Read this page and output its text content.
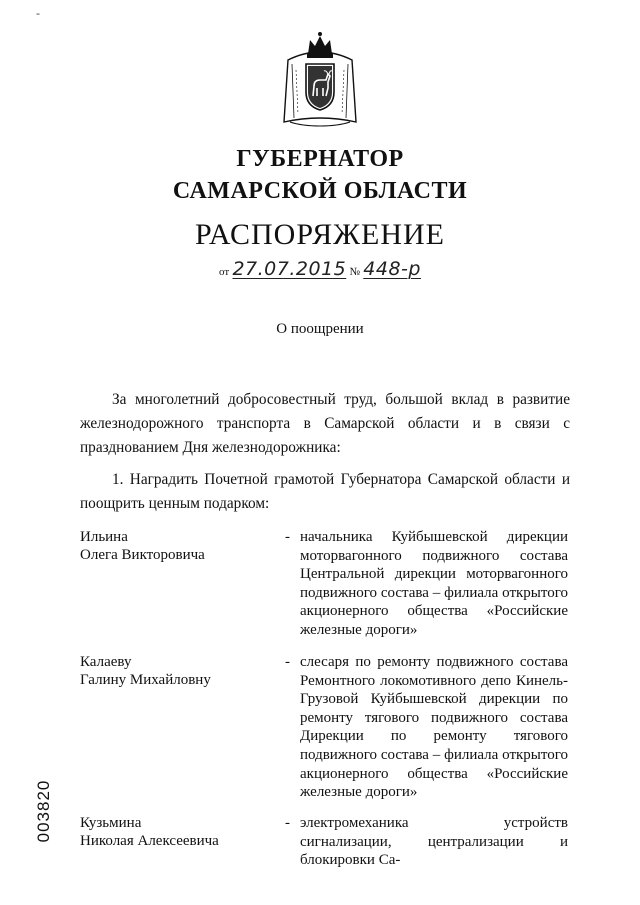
-
ГУБЕРНАТОР
САМАРСКОЙ ОБЛАСТИ
РАСПОРЯЖЕНИЕ
от 27.07.2015 № 448-р
О поощрении
За многолетний добросовестный труд, большой вклад в развитие железнодорожного транспорта в Самарской области и в связи с празднованием Дня железнодорожника:
1. Наградить Почетной грамотой Губернатора Самарской области и поощрить ценным подарком:
Ильина
Олега Викторовича
- начальника Куйбышевской дирекции моторвагонного подвижного состава Центральной дирекции моторвагонного подвижного состава – филиала открытого акционерного общества «Российские железные дороги»
Калаеву
Галину Михайловну
- слесаря по ремонту подвижного состава Ремонтного локомотивного депо Кинель-Грузовой Куйбышевской дирекции по ремонту тягового подвижного состава Дирекции по ремонту тягового подвижного состава – филиала открытого акционерного общества «Российские железные дороги»
Кузьмина
Николая Алексеевича
- электромеханика устройств сигнализации, централизации и блокировки Са-
003820
